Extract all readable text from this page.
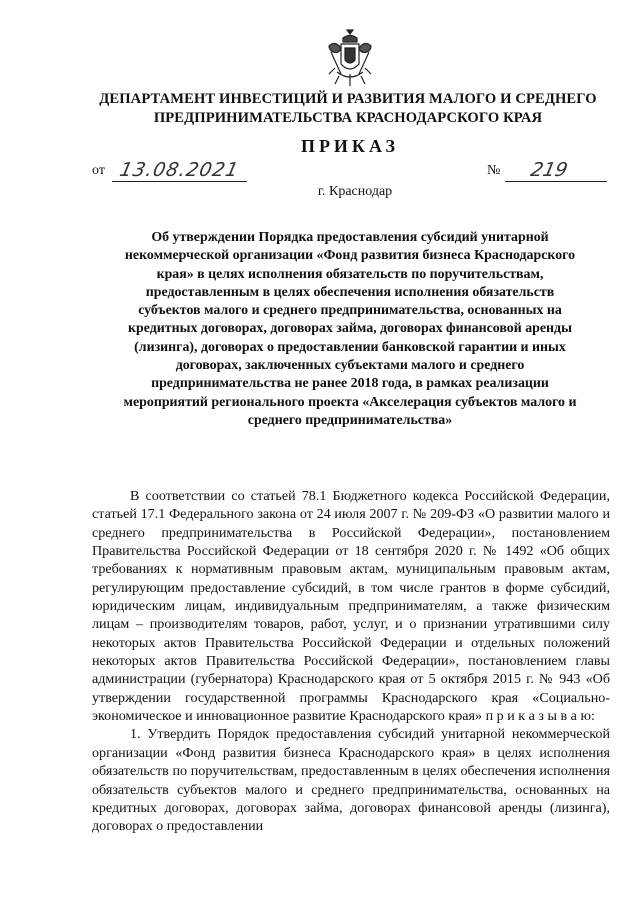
ДЕПАРТАМЕНТ ИНВЕСТИЦИЙ И РАЗВИТИЯ МАЛОГО И СРЕДНЕГО ПРЕДПРИНИМАТЕЛЬСТВА КРАСНОДАРСКОГО КРАЯ
ПРИКАЗ
от 13.08.2021	№ 219
г. Краснодар
Об утверждении Порядка предоставления субсидий унитарной некоммерческой организации «Фонд развития бизнеса Краснодарского края» в целях исполнения обязательств по поручительствам, предоставленным в целях обеспечения исполнения обязательств субъектов малого и среднего предпринимательства, основанных на кредитных договорах, договорах займа, договорах финансовой аренды (лизинга), договорах о предоставлении банковской гарантии и иных договорах, заключенных субъектами малого и среднего предпринимательства не ранее 2018 года, в рамках реализации мероприятий регионального проекта «Акселерация субъектов малого и среднего предпринимательства»

В соответствии со статьей 78.1 Бюджетного кодекса Российской Федерации, статьей 17.1 Федерального закона от 24 июля 2007 г. № 209-ФЗ «О развитии малого и среднего предпринимательства в Российской Федерации», постановлением Правительства Российской Федерации от 18 сентября 2020 г. № 1492 «Об общих требованиях к нормативным правовым актам, муниципальным правовым актам, регулирующим предоставление субсидий, в том числе грантов в форме субсидий, юридическим лицам, индивидуальным предпринимателям, а также физическим лицам – производителям товаров, работ, услуг, и о признании утратившими силу некоторых актов Правительства Российской Федерации и отдельных положений некоторых актов Правительства Российской Федерации», постановлением главы администрации (губернатора) Краснодарского края от 5 октября 2015 г. № 943 «Об утверждении государственной программы Краснодарского края «Социально-экономическое и инновационное развитие Краснодарского края» п р и к а з ы в а ю:

1. Утвердить Порядок предоставления субсидий унитарной некоммерческой организации «Фонд развития бизнеса Краснодарского края» в целях исполнения обязательств по поручительствам, предоставленным в целях обеспечения исполнения обязательств субъектов малого и среднего предпринимательства, основанных на кредитных договорах, договорах займа, договорах финансовой аренды (лизинга), договорах о предоставлении
